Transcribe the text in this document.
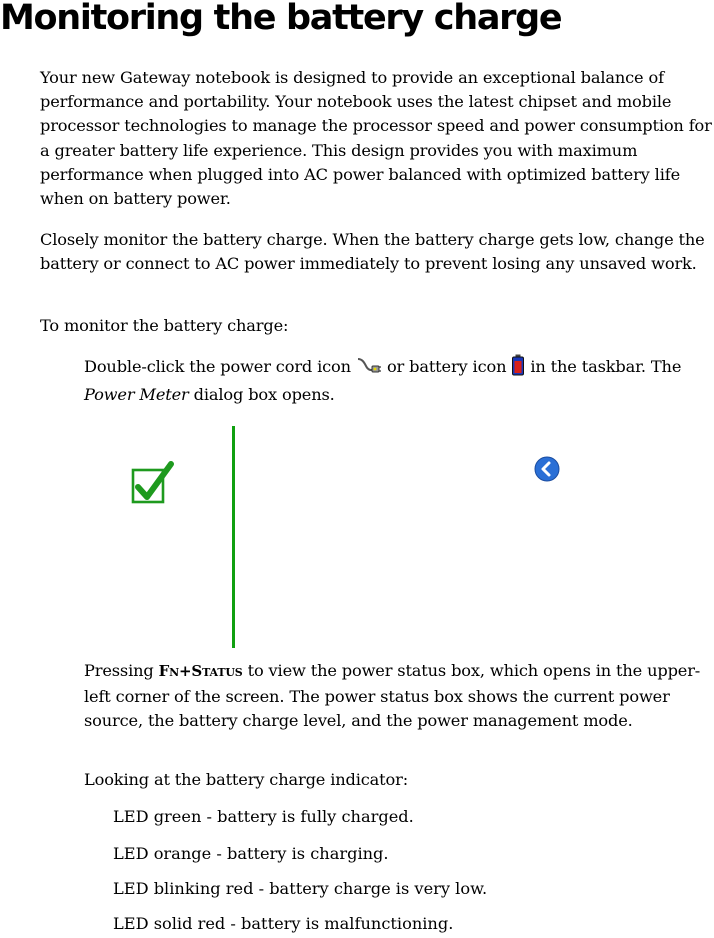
Monitoring the battery charge

Your new Gateway notebook is designed to provide an exceptional balance of performance and portability. Your notebook uses the latest chipset and mobile processor technologies to manage the processor speed and power consumption for a greater battery life experience. This design provides you with maximum performance when plugged into AC power balanced with optimized battery life when on battery power.

Closely monitor the battery charge. When the battery charge gets low, change the battery or connect to AC power immediately to prevent losing any unsaved work.

To monitor the battery charge:

Double-click the power cord icon or battery icon in the taskbar. The Power Meter dialog box opens.

Pressing FN+STATUS to view the power status box, which opens in the upper-left corner of the screen. The power status box shows the current power source, the battery charge level, and the power management mode.

Looking at the battery charge indicator:

LED green - battery is fully charged.

LED orange - battery is charging.

LED blinking red - battery charge is very low.

LED solid red - battery is malfunctioning.
